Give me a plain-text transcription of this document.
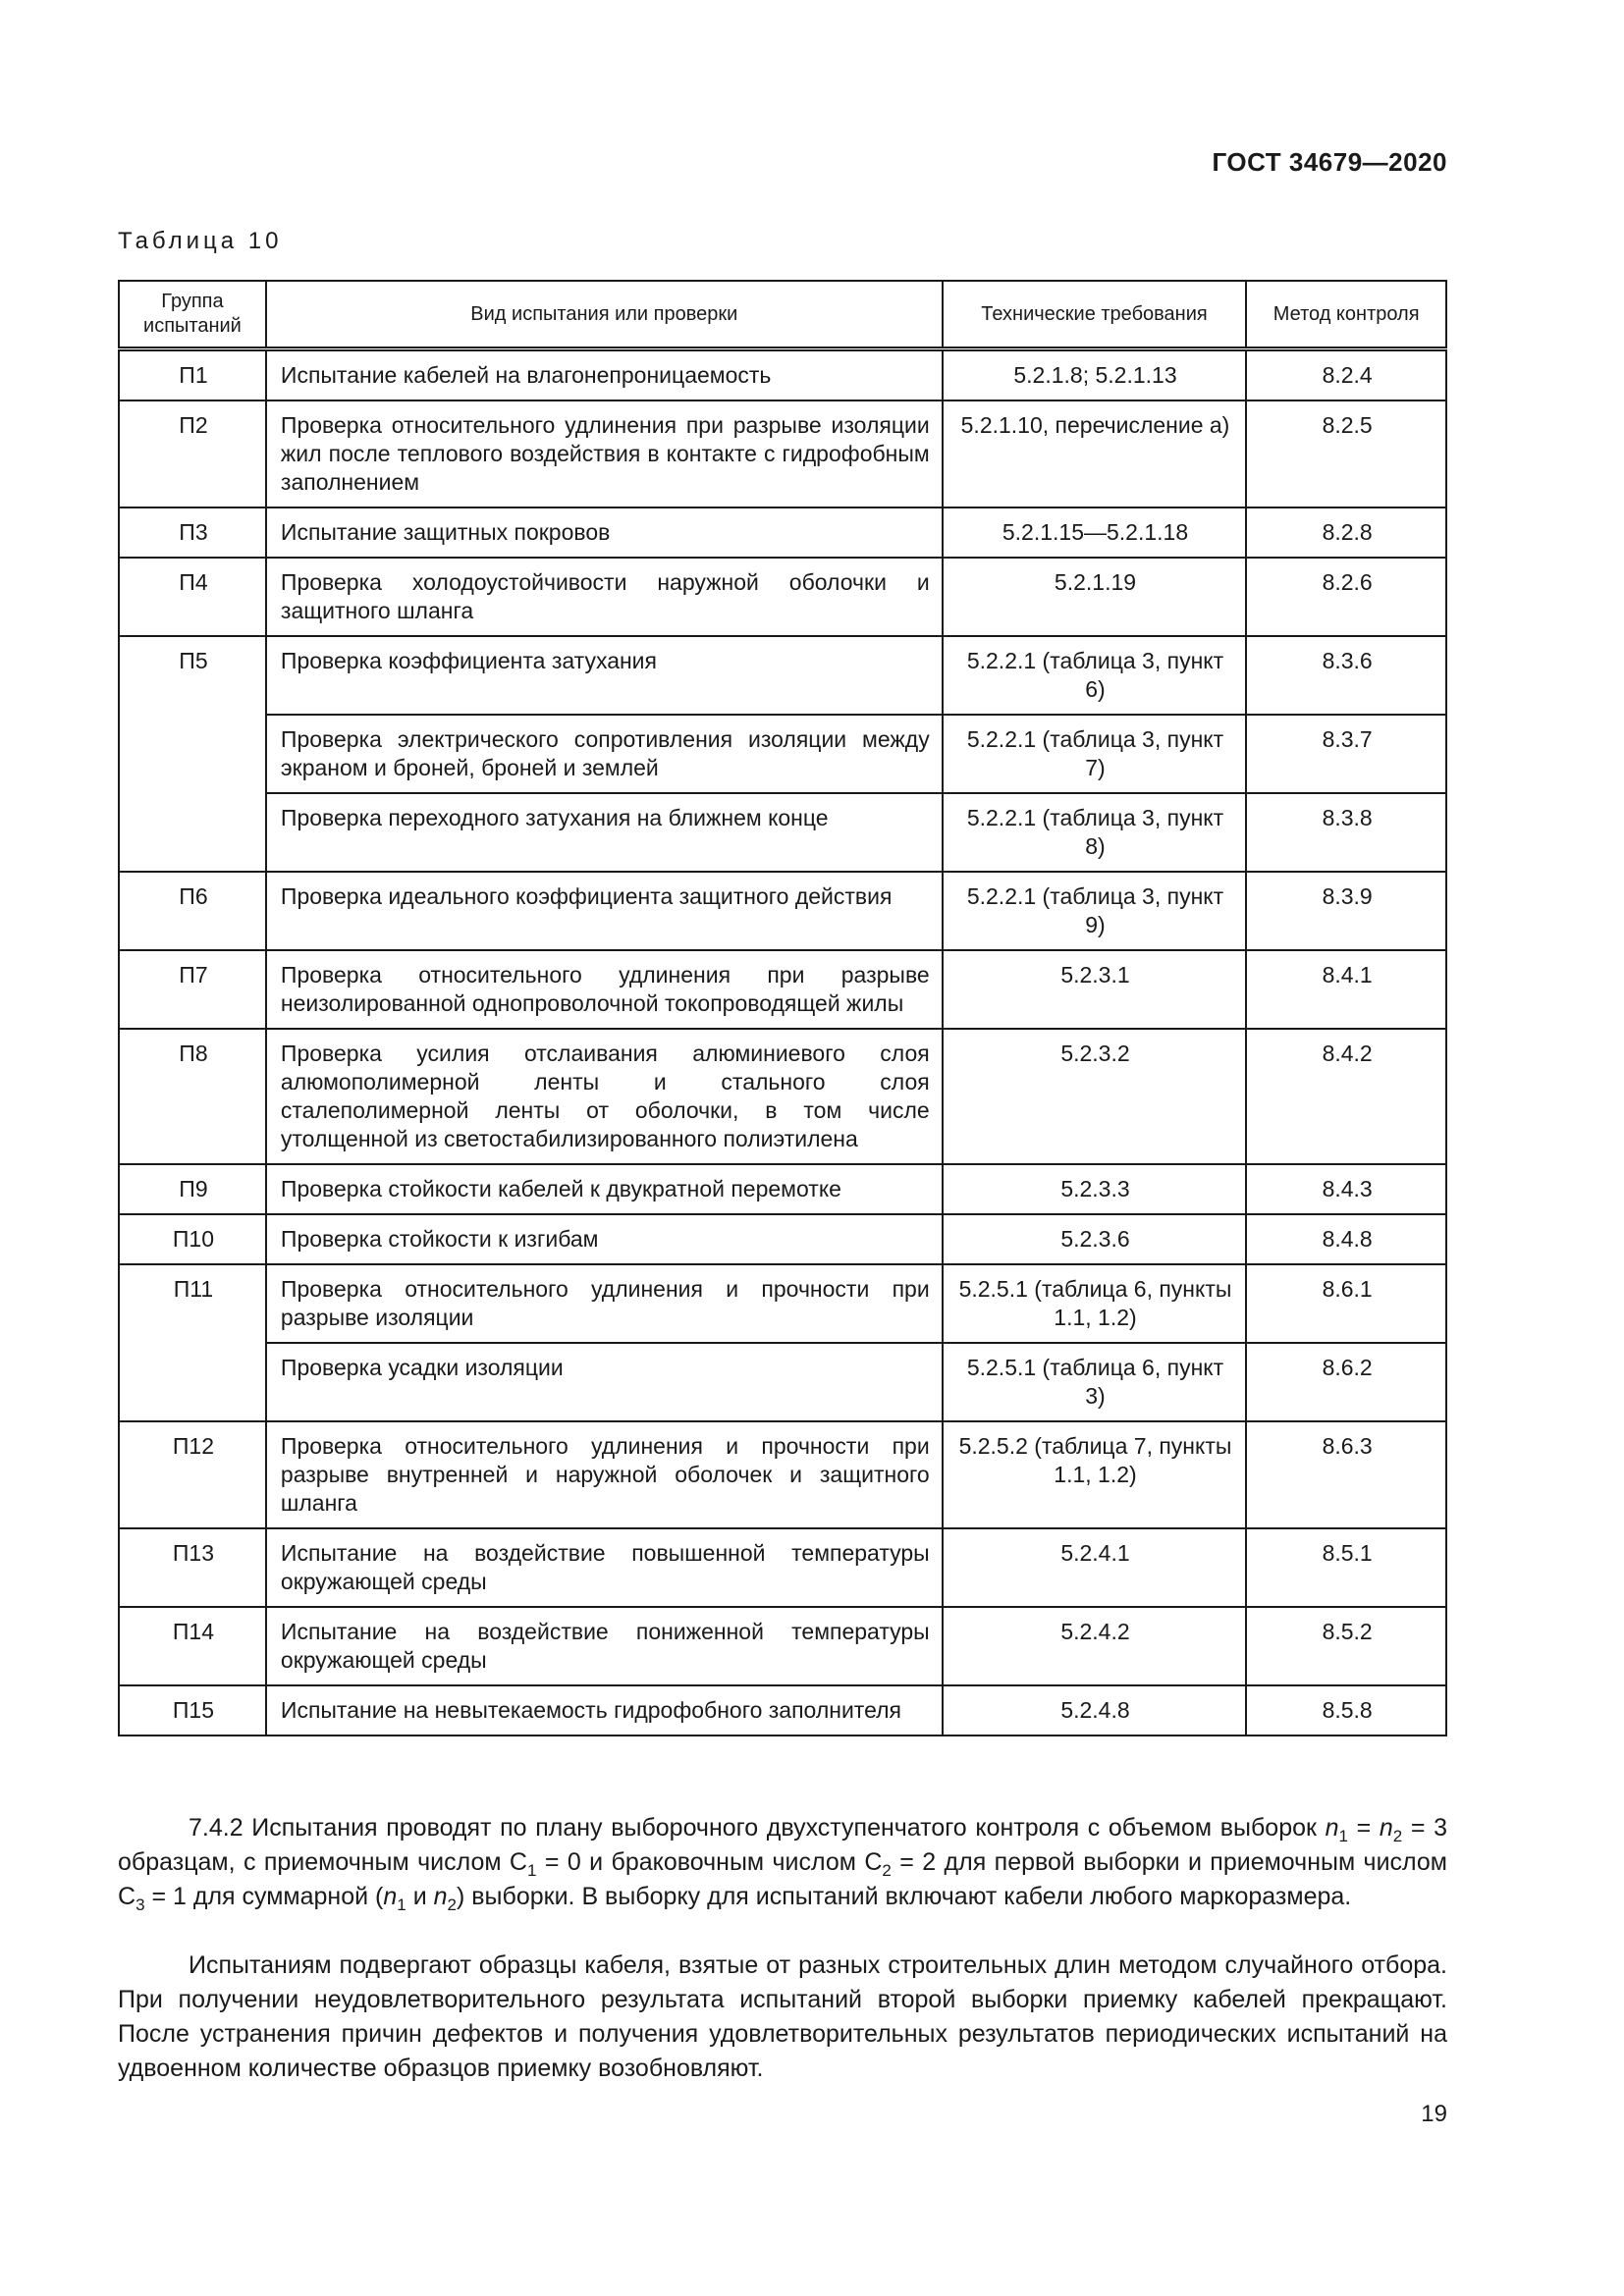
ГОСТ 34679—2020
Таблица 10
Группа испытаний	Вид испытания или проверки	Технические требования	Метод контроля
П1	Испытание кабелей на влагонепроницаемость	5.2.1.8; 5.2.1.13	8.2.4
П2	Проверка относительного удлинения при разрыве изоляции жил после теплового воздействия в контакте с гидрофобным заполнением	5.2.1.10, перечисление а)	8.2.5
П3	Испытание защитных покровов	5.2.1.15—5.2.1.18	8.2.8
П4	Проверка холодоустойчивости наружной оболочки и защитного шланга	5.2.1.19	8.2.6
П5	Проверка коэффициента затухания	5.2.2.1 (таблица 3, пункт 6)	8.3.6
	Проверка электрического сопротивления изоляции между экраном и броней, броней и землей	5.2.2.1 (таблица 3, пункт 7)	8.3.7
	Проверка переходного затухания на ближнем конце	5.2.2.1 (таблица 3, пункт 8)	8.3.8
П6	Проверка идеального коэффициента защитного действия	5.2.2.1 (таблица 3, пункт 9)	8.3.9
П7	Проверка относительного удлинения при разрыве неизолированной однопроволочной токопроводящей жилы	5.2.3.1	8.4.1
П8	Проверка усилия отслаивания алюминиевого слоя алюмополимерной ленты и стального слоя сталеполимерной ленты от оболочки, в том числе утолщенной из светостабилизированного полиэтилена	5.2.3.2	8.4.2
П9	Проверка стойкости кабелей к двукратной перемотке	5.2.3.3	8.4.3
П10	Проверка стойкости к изгибам	5.2.3.6	8.4.8
П11	Проверка относительного удлинения и прочности при разрыве изоляции	5.2.5.1 (таблица 6, пункты 1.1, 1.2)	8.6.1
	Проверка усадки изоляции	5.2.5.1 (таблица 6, пункт 3)	8.6.2
П12	Проверка относительного удлинения и прочности при разрыве внутренней и наружной оболочек и защитного шланга	5.2.5.2 (таблица 7, пункты 1.1, 1.2)	8.6.3
П13	Испытание на воздействие повышенной температуры окружающей среды	5.2.4.1	8.5.1
П14	Испытание на воздействие пониженной температуры окружающей среды	5.2.4.2	8.5.2
П15	Испытание на невытекаемость гидрофобного заполнителя	5.2.4.8	8.5.8

7.4.2 Испытания проводят по плану выборочного двухступенчатого контроля с объемом выборок $n_1 = n_2 = 3$ образцам, с приемочным числом $C_1 = 0$ и браковочным числом $C_2 = 2$ для первой выборки и приемочным числом $C_3 = 1$ для суммарной ($n_1$ и $n_2$) выборки. В выборку для испытаний включают кабели любого маркоразмера.

Испытаниям подвергают образцы кабеля, взятые от разных строительных длин методом случайного отбора. При получении неудовлетворительного результата испытаний второй выборки приемку кабелей прекращают. После устранения причин дефектов и получения удовлетворительных результатов периодических испытаний на удвоенном количестве образцов приемку возобновляют.

19
